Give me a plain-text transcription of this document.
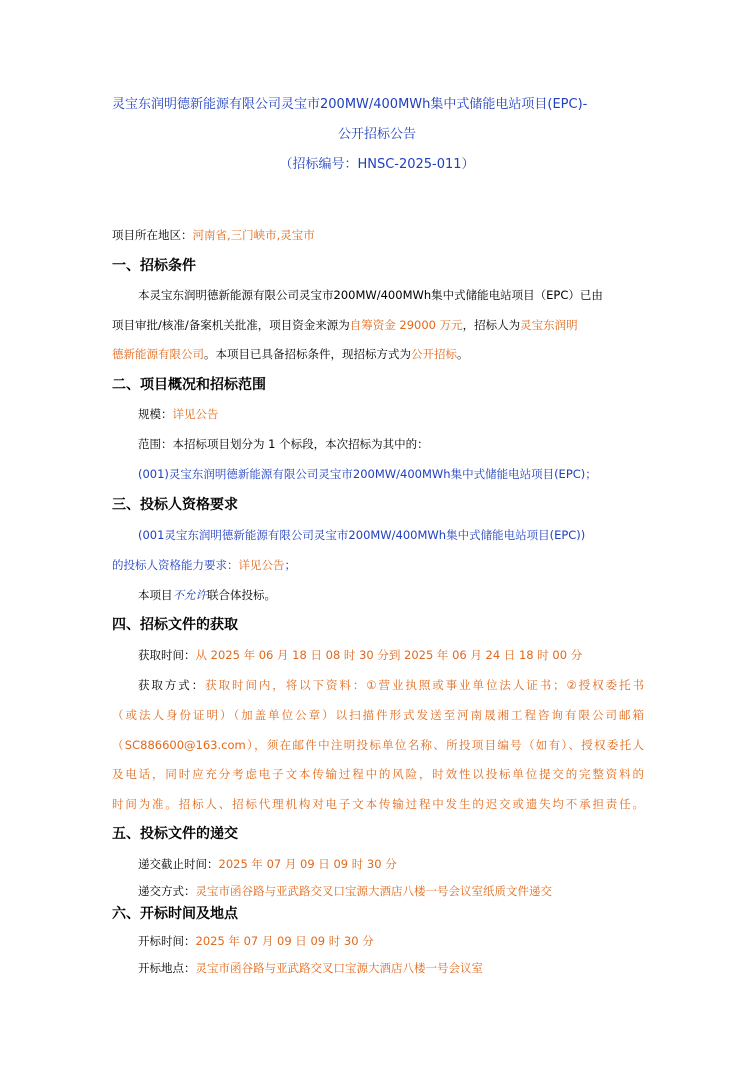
灵宝东润明德新能源有限公司灵宝市200MW/400MWh集中式储能电站项目(EPC)-
公开招标公告
（招标编号：HNSC-2025-011）
项目所在地区：河南省,三门峡市,灵宝市
一、招标条件
本灵宝东润明德新能源有限公司灵宝市200MW/400MWh集中式储能电站项目（EPC）已由
项目审批/核准/备案机关批准，项目资金来源为自筹资金 29000 万元，招标人为灵宝东润明
德新能源有限公司。本项目已具备招标条件，现招标方式为公开招标。
二、项目概况和招标范围
规模：详见公告
范围：本招标项目划分为 1 个标段，本次招标为其中的：
(001)灵宝东润明德新能源有限公司灵宝市200MW/400MWh集中式储能电站项目(EPC)；
三、投标人资格要求
(001灵宝东润明德新能源有限公司灵宝市200MW/400MWh集中式储能电站项目(EPC))
的投标人资格能力要求：详见公告；
本项目不允许联合体投标。
四、招标文件的获取
获取时间：从 2025 年 06 月 18 日 08 时 30 分到 2025 年 06 月 24 日 18 时 00 分
获取方式：获取时间内，将以下资料：①营业执照或事业单位法人证书；②授权委托书
（或法人身份证明）（加盖单位公章）以扫描件形式发送至河南晟湘工程咨询有限公司邮箱
（SC886600@163.com），须在邮件中注明投标单位名称、所投项目编号（如有）、授权委托人
及电话，同时应充分考虑电子文本传输过程中的风险，时效性以投标单位提交的完整资料的
时间为准。招标人、招标代理机构对电子文本传输过程中发生的迟交或遗失均不承担责任。
五、投标文件的递交
递交截止时间：2025 年 07 月 09 日 09 时 30 分
递交方式：灵宝市函谷路与亚武路交叉口宝源大酒店八楼一号会议室纸质文件递交
六、开标时间及地点
开标时间：2025 年 07 月 09 日 09 时 30 分
开标地点：灵宝市函谷路与亚武路交叉口宝源大酒店八楼一号会议室
